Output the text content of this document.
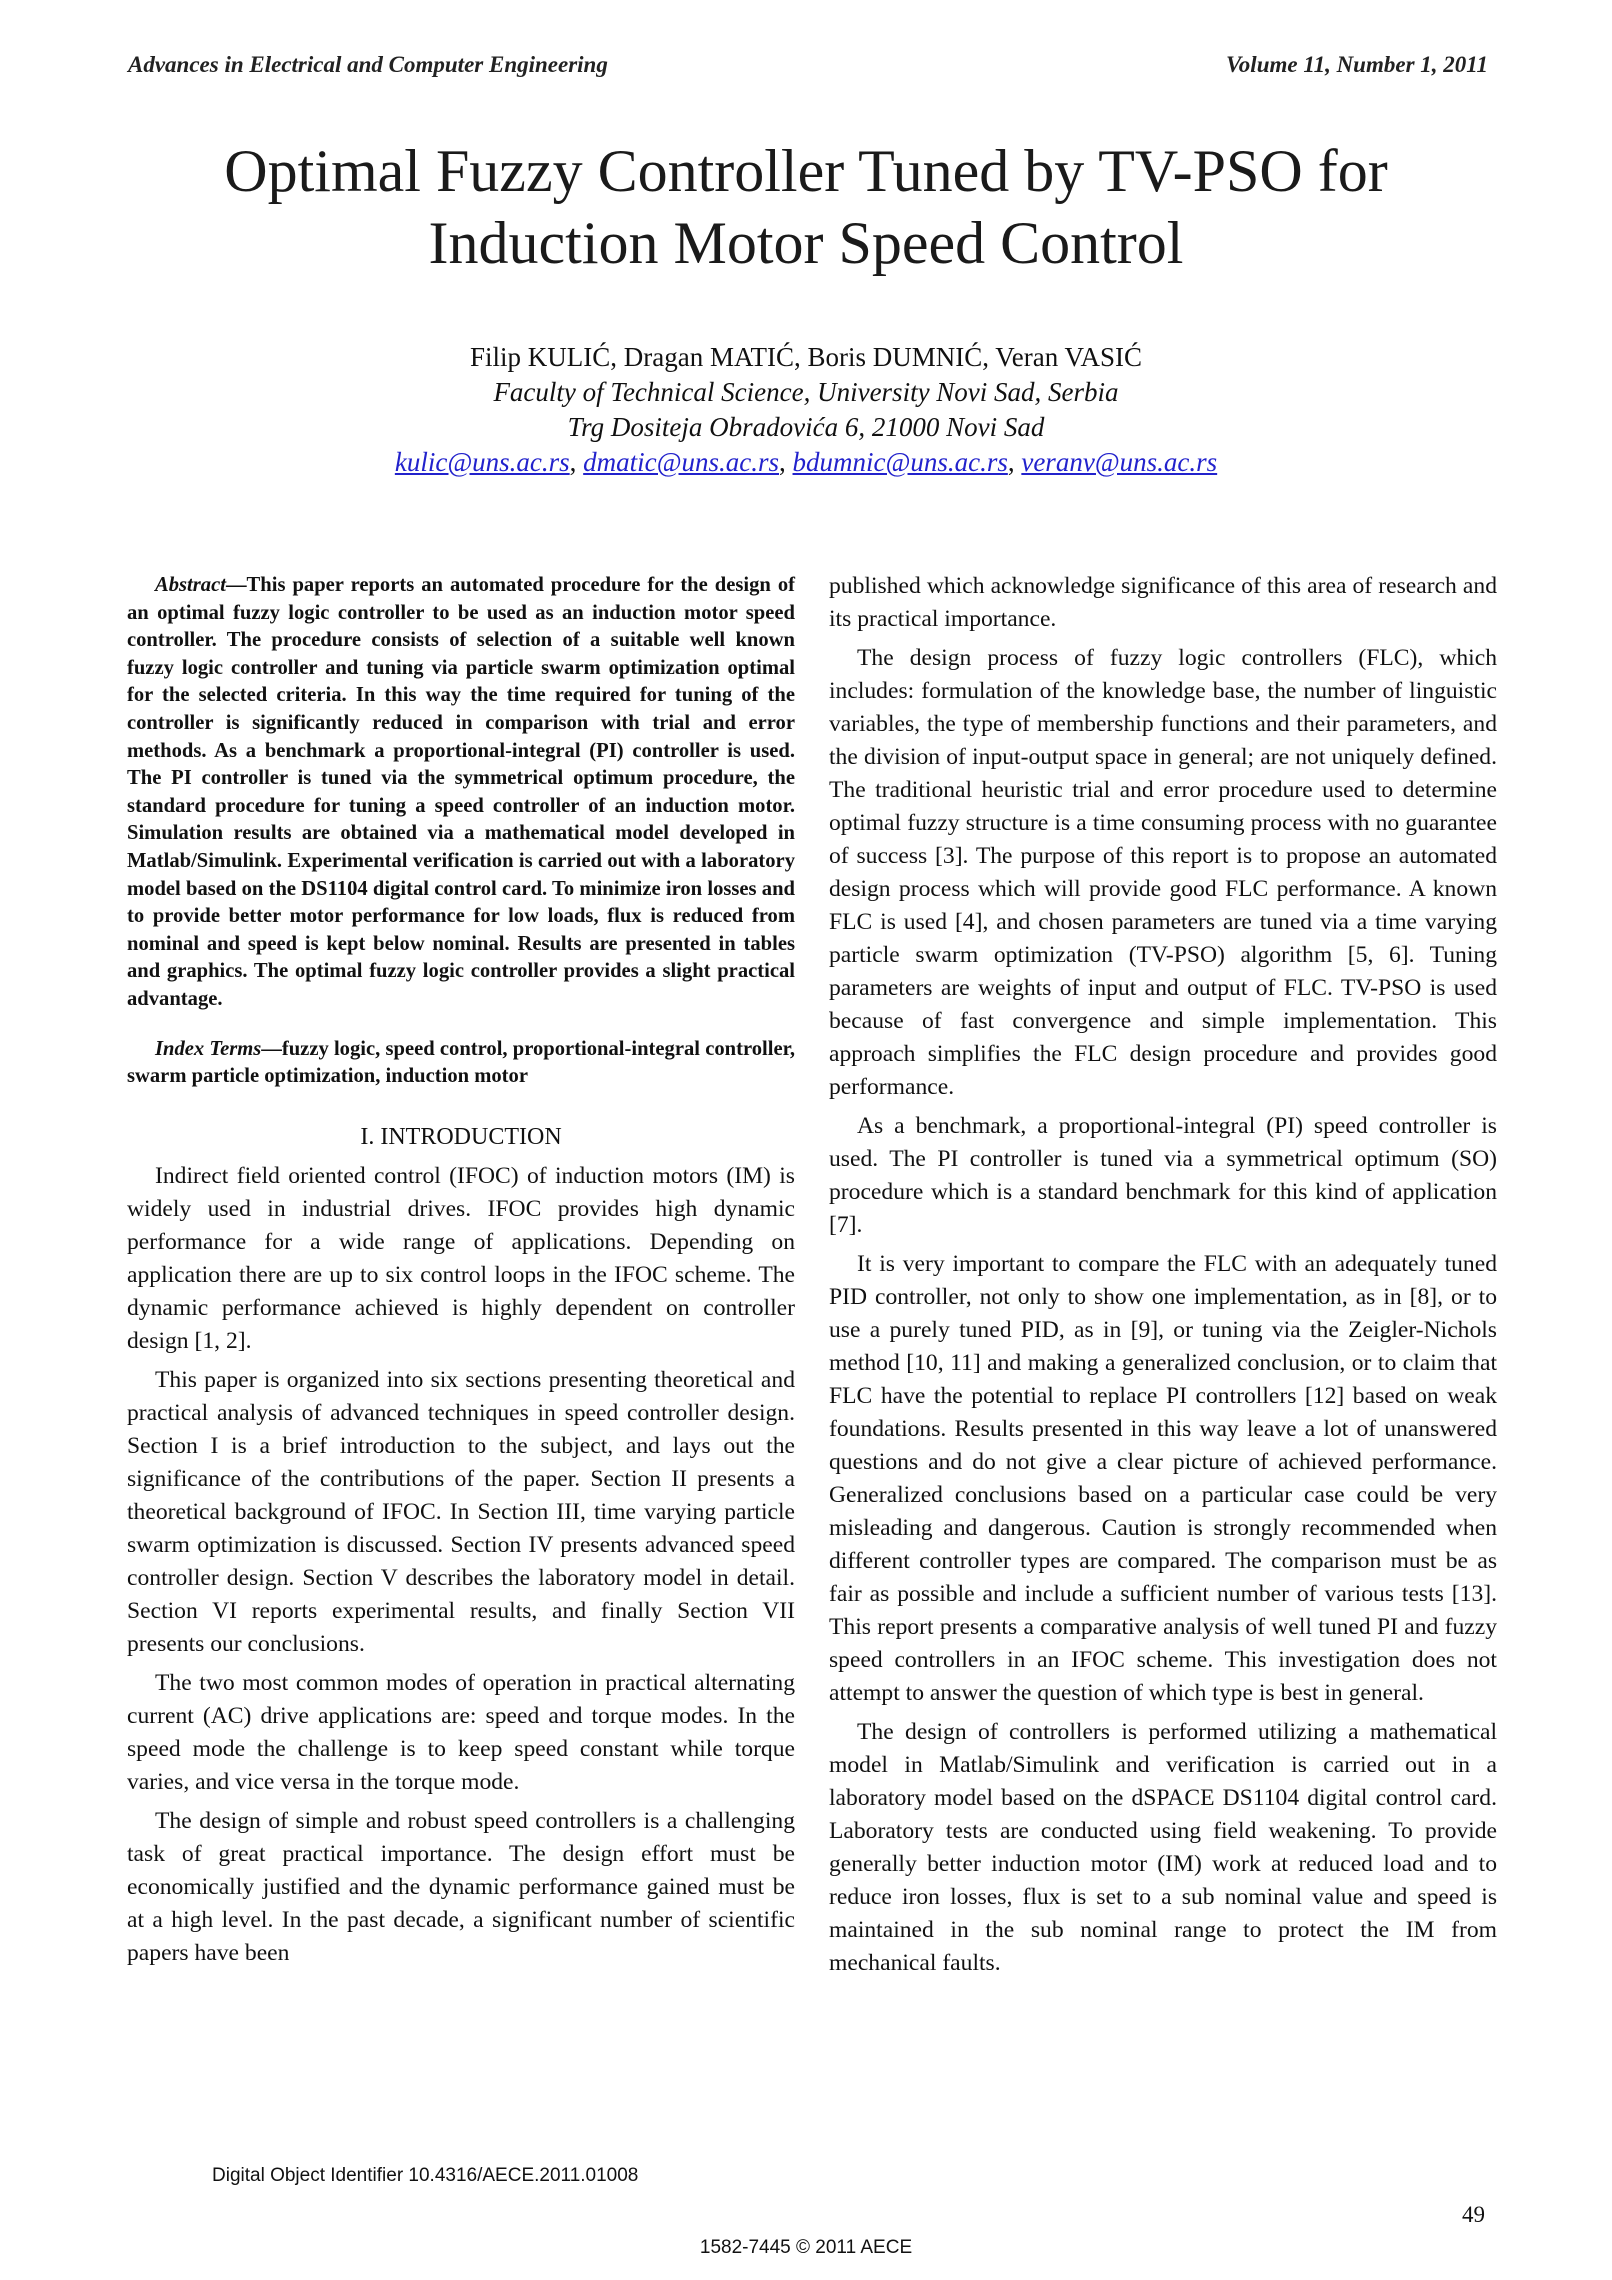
Advances in Electrical and Computer Engineering	Volume 11, Number 1, 2011
Optimal Fuzzy Controller Tuned by TV-PSO for
Induction Motor Speed Control
Filip KULIĆ, Dragan MATIĆ, Boris DUMNIĆ, Veran VASIĆ
Faculty of Technical Science, University Novi Sad, Serbia
Trg Dositeja Obradovića 6, 21000 Novi Sad
kulic@uns.ac.rs, dmatic@uns.ac.rs, bdumnic@uns.ac.rs, veranv@uns.ac.rs

Abstract—This paper reports an automated procedure for the design of an optimal fuzzy logic controller to be used as an induction motor speed controller. The procedure consists of selection of a suitable well known fuzzy logic controller and tuning via particle swarm optimization optimal for the selected criteria. In this way the time required for tuning of the controller is significantly reduced in comparison with trial and error methods. As a benchmark a proportional-integral (PI) controller is used. The PI controller is tuned via the symmetrical optimum procedure, the standard procedure for tuning a speed controller of an induction motor. Simulation results are obtained via a mathematical model developed in Matlab/Simulink. Experimental verification is carried out with a laboratory model based on the DS1104 digital control card. To minimize iron losses and to provide better motor performance for low loads, flux is reduced from nominal and speed is kept below nominal. Results are presented in tables and graphics. The optimal fuzzy logic controller provides a slight practical advantage.

Index Terms—fuzzy logic, speed control, proportional-integral controller, swarm particle optimization, induction motor

I. INTRODUCTION

Indirect field oriented control (IFOC) of induction motors (IM) is widely used in industrial drives. IFOC provides high dynamic performance for a wide range of applications. Depending on application there are up to six control loops in the IFOC scheme. The dynamic performance achieved is highly dependent on controller design [1, 2].

This paper is organized into six sections presenting theoretical and practical analysis of advanced techniques in speed controller design. Section I is a brief introduction to the subject, and lays out the significance of the contributions of the paper. Section II presents a theoretical background of IFOC. In Section III, time varying particle swarm optimization is discussed. Section IV presents advanced speed controller design. Section V describes the laboratory model in detail. Section VI reports experimental results, and finally Section VII presents our conclusions.

The two most common modes of operation in practical alternating current (AC) drive applications are: speed and torque modes. In the speed mode the challenge is to keep speed constant while torque varies, and vice versa in the torque mode.

The design of simple and robust speed controllers is a challenging task of great practical importance. The design effort must be economically justified and the dynamic performance gained must be at a high level. In the past decade, a significant number of scientific papers have been

published which acknowledge significance of this area of research and its practical importance.

The design process of fuzzy logic controllers (FLC), which includes: formulation of the knowledge base, the number of linguistic variables, the type of membership functions and their parameters, and the division of input-output space in general; are not uniquely defined. The traditional heuristic trial and error procedure used to determine optimal fuzzy structure is a time consuming process with no guarantee of success [3]. The purpose of this report is to propose an automated design process which will provide good FLC performance. A known FLC is used [4], and chosen parameters are tuned via a time varying particle swarm optimization (TV-PSO) algorithm [5, 6]. Tuning parameters are weights of input and output of FLC. TV-PSO is used because of fast convergence and simple implementation. This approach simplifies the FLC design procedure and provides good performance.

As a benchmark, a proportional-integral (PI) speed controller is used. The PI controller is tuned via a symmetrical optimum (SO) procedure which is a standard benchmark for this kind of application [7].

It is very important to compare the FLC with an adequately tuned PID controller, not only to show one implementation, as in [8], or to use a purely tuned PID, as in [9], or tuning via the Zeigler-Nichols method [10, 11] and making a generalized conclusion, or to claim that FLC have the potential to replace PI controllers [12] based on weak foundations. Results presented in this way leave a lot of unanswered questions and do not give a clear picture of achieved performance. Generalized conclusions based on a particular case could be very misleading and dangerous. Caution is strongly recommended when different controller types are compared. The comparison must be as fair as possible and include a sufficient number of various tests [13]. This report presents a comparative analysis of well tuned PI and fuzzy speed controllers in an IFOC scheme. This investigation does not attempt to answer the question of which type is best in general.

The design of controllers is performed utilizing a mathematical model in Matlab/Simulink and verification is carried out in a laboratory model based on the dSPACE DS1104 digital control card. Laboratory tests are conducted using field weakening. To provide generally better induction motor (IM) work at reduced load and to reduce iron losses, flux is set to a sub nominal value and speed is maintained in the sub nominal range to protect the IM from mechanical faults.

Digital Object Identifier 10.4316/AECE.2011.01008
49
1582-7445 © 2011 AECE
